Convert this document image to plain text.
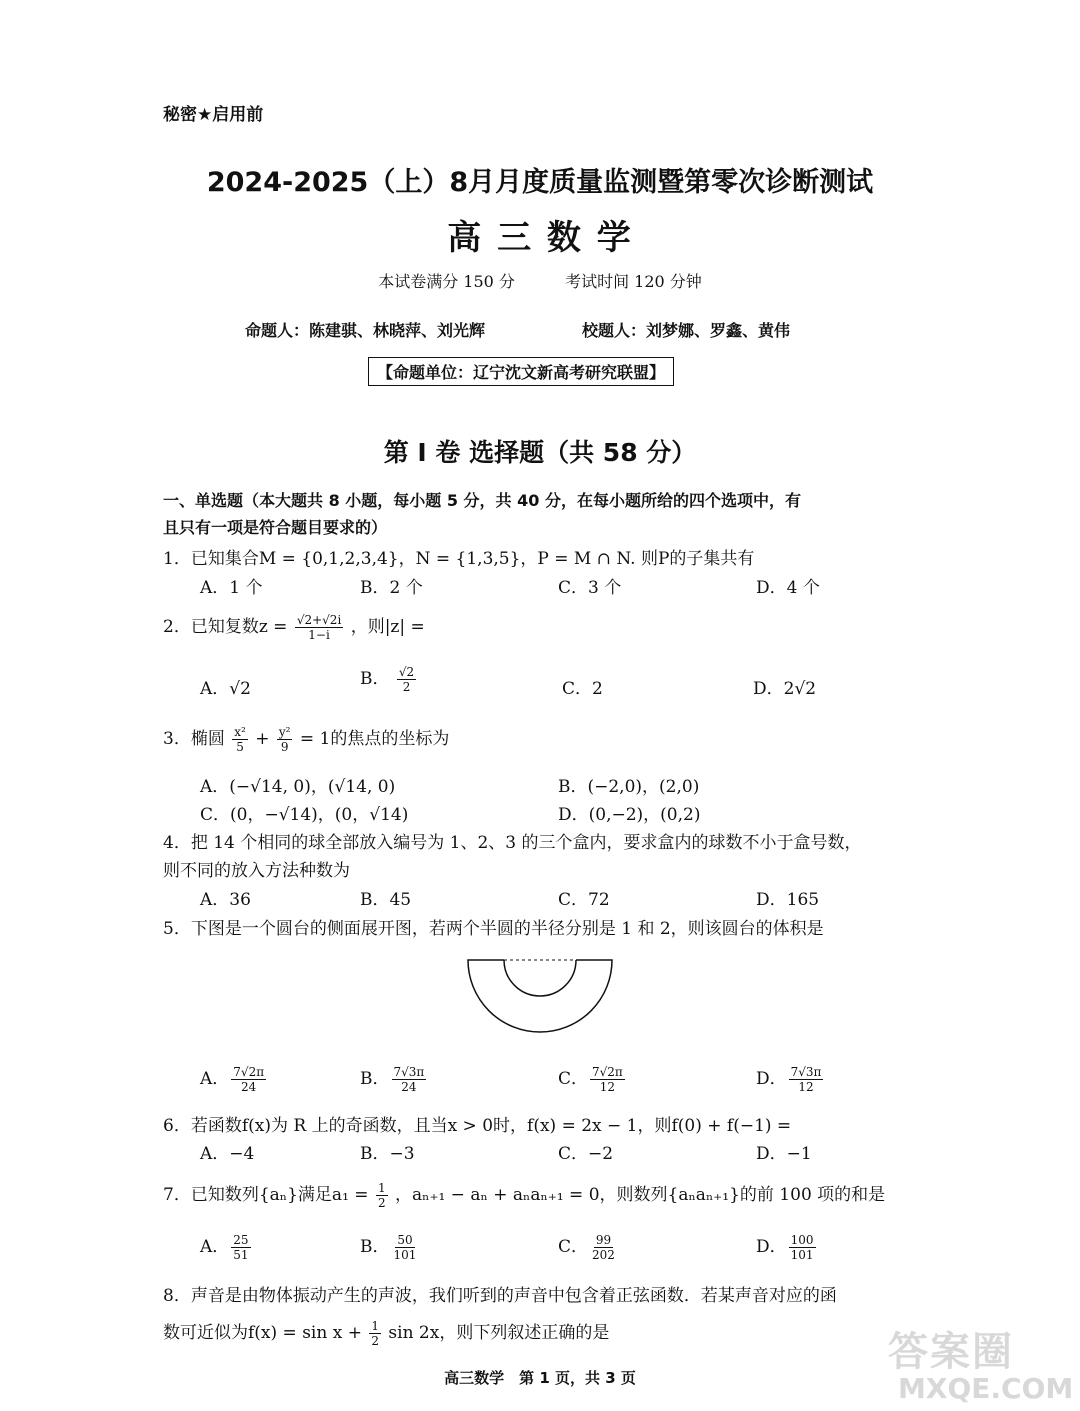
秘密★启用前
2024-2025（上）8月月度质量监测暨第零次诊断测试
高 三 数 学
本试卷满分 150 分	考试时间 120 分钟
命题人：陈建骐、林晓萍、刘光辉	校题人：刘梦娜、罗鑫、黄伟
【命题单位：辽宁沈文新高考研究联盟】
第 I 卷 选择题（共 58 分）
一、单选题（本大题共 8 小题，每小题 5 分，共 40 分，在每小题所给的四个选项中，有
且只有一项是符合题目要求的）
1．已知集合M = {0,1,2,3,4}，N = {1,3,5}，P = M ∩ N. 则P的子集共有
A．1 个	B．2 个	C．3 个	D．4 个
2．已知复数$z = \frac{√2+√2i}{1-i}$ ，则|z| =
A．√2	B． $\frac{√2}{2}$	C．2	D．2√2
3．椭圆 $\frac{\text{x²}}{5} + \frac{\text{y²}}{9} = 1$的焦点的坐标为
A．(−√14, 0)，(√14, 0)	B．(−2,0)，(2,0)
C．(0，−√14)，(0，√14)	D．(0,−2)，(0,2)
4．把 14 个相同的球全部放入编号为 1、2、3 的三个盒内，要求盒内的球数不小于盒号数，
则不同的放入方法种数为
A．36	B．45	C．72	D．165
5．下图是一个圆台的侧面展开图，若两个半圆的半径分别是 1 和 2，则该圆台的体积是
A． $\frac{7√2\pi}{24}$	B． $\frac{7√3\pi}{24}$	C． $\frac{7√2\pi}{12}$	D． $\frac{7√3\pi}{12}$
6．若函数f(x)为 R 上的奇函数，且当x > 0时，f(x) = 2x − 1，则f(0) + f(−1) =
A．−4	B．−3	C．−2	D．−1
7．已知数列{aₙ}满足$a_1 = \frac{1}{2}$ ，aₙ₊₁ − aₙ + aₙaₙ₊₁ = 0，则数列{aₙaₙ₊₁}的前 100 项的和是
A． $\frac{25}{51}$	B． $\frac{50}{101}$	C． $\frac{99}{202}$	D． $\frac{100}{101}$
8．声音是由物体振动产生的声波，我们听到的声音中包含着正弦函数．若某声音对应的函
数可近似为$f(x) = \sin x + \frac{1}{2}$ sin 2x，则下列叙述正确的是	答案圈
MXQE.COM
高三数学　第 1 页，共 3 页
